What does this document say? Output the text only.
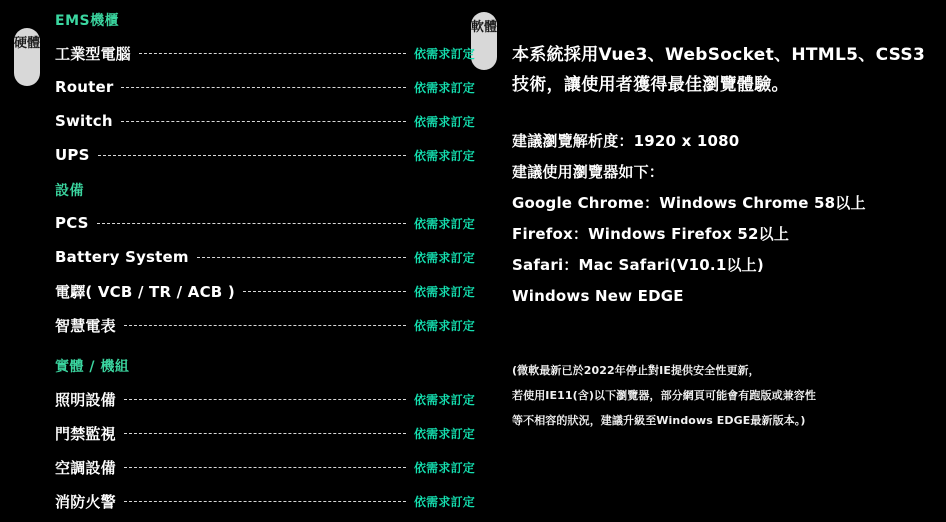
硬體
軟體
EMS機櫃
工業型電腦	依需求訂定
Router	依需求訂定
Switch	依需求訂定
UPS	依需求訂定
設備
PCS	依需求訂定
Battery System	依需求訂定
電驛( VCB / TR / ACB )	依需求訂定
智慧電表	依需求訂定
實體 / 機組
照明設備	依需求訂定
門禁監視	依需求訂定
空調設備	依需求訂定
消防火警	依需求訂定

本系統採用Vue3、WebSocket、HTML5、CSS3技術，讓使用者獲得最佳瀏覽體驗。

建議瀏覽解析度：1920 x 1080
建議使用瀏覽器如下：
Google Chrome：Windows Chrome 58以上
Firefox：Windows Firefox 52以上
Safari：Mac Safari(V10.1以上)
Windows New EDGE
(微軟最新已於2022年停止對IE提供安全性更新，
若使用IE11(含)以下瀏覽器，部分網頁可能會有跑版或兼容性
等不相容的狀況，建議升級至Windows EDGE最新版本。)
